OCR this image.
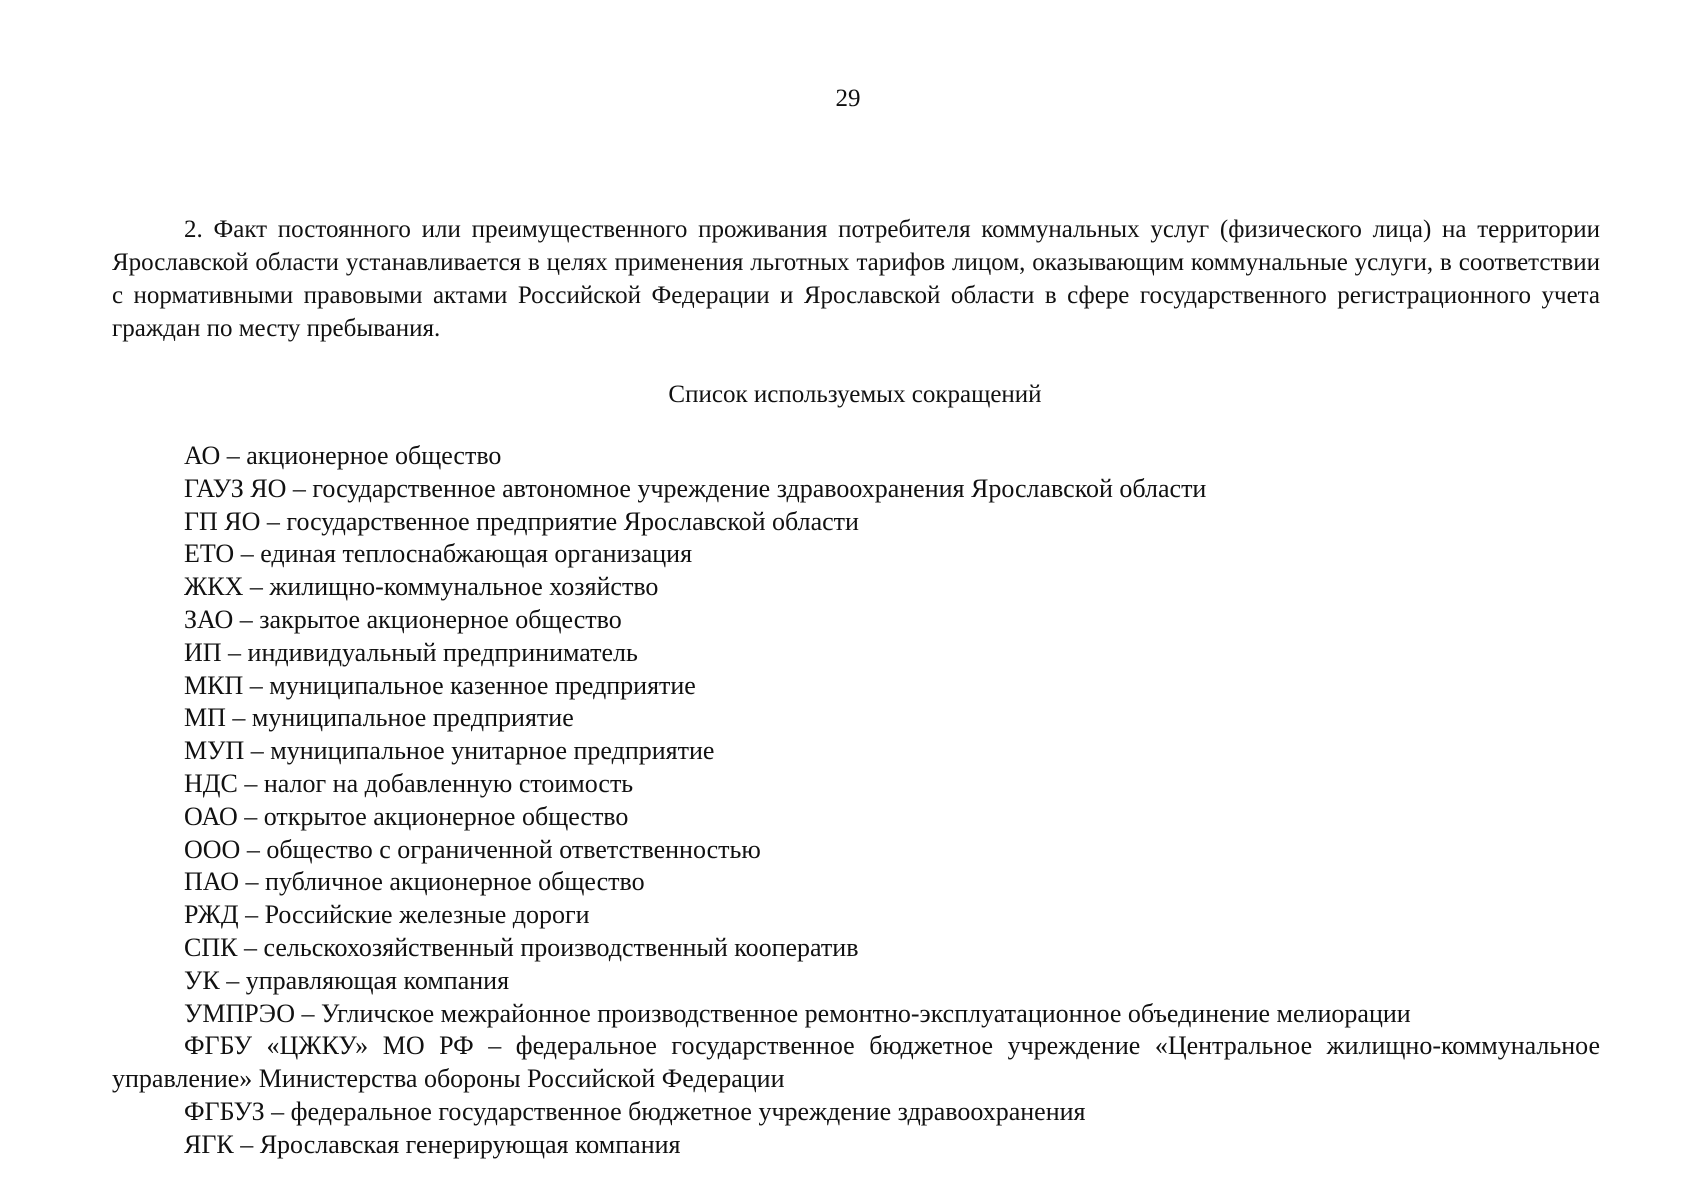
29

2. Факт постоянного или преимущественного проживания потребителя коммунальных услуг (физического лица) на территории Ярославской области устанавливается в целях применения льготных тарифов лицом, оказывающим коммунальные услуги, в соответствии с нормативными правовыми актами Российской Федерации и Ярославской области в сфере государственного регистрационного учета граждан по месту пребывания.

Список используемых сокращений
АО – акционерное общество
ГАУЗ ЯО – государственное автономное учреждение здравоохранения Ярославской области
ГП ЯО – государственное предприятие Ярославской области
ЕТО – единая теплоснабжающая организация
ЖКХ – жилищно-коммунальное хозяйство
ЗАО – закрытое акционерное общество
ИП – индивидуальный предприниматель
МКП – муниципальное казенное предприятие
МП – муниципальное предприятие
МУП – муниципальное унитарное предприятие
НДС – налог на добавленную стоимость
ОАО – открытое акционерное общество
ООО – общество с ограниченной ответственностью
ПАО – публичное акционерное общество
РЖД – Российские железные дороги
СПК – сельскохозяйственный производственный кооператив
УК – управляющая компания
УМПРЭО – Угличское межрайонное производственное ремонтно-эксплуатационное объединение мелиорации
ФГБУ «ЦЖКУ» МО РФ – федеральное государственное бюджетное учреждение «Центральное жилищно-коммунальное управление» Министерства обороны Российской Федерации
ФГБУЗ – федеральное государственное бюджетное учреждение здравоохранения
ЯГК – Ярославская генерирующая компания
